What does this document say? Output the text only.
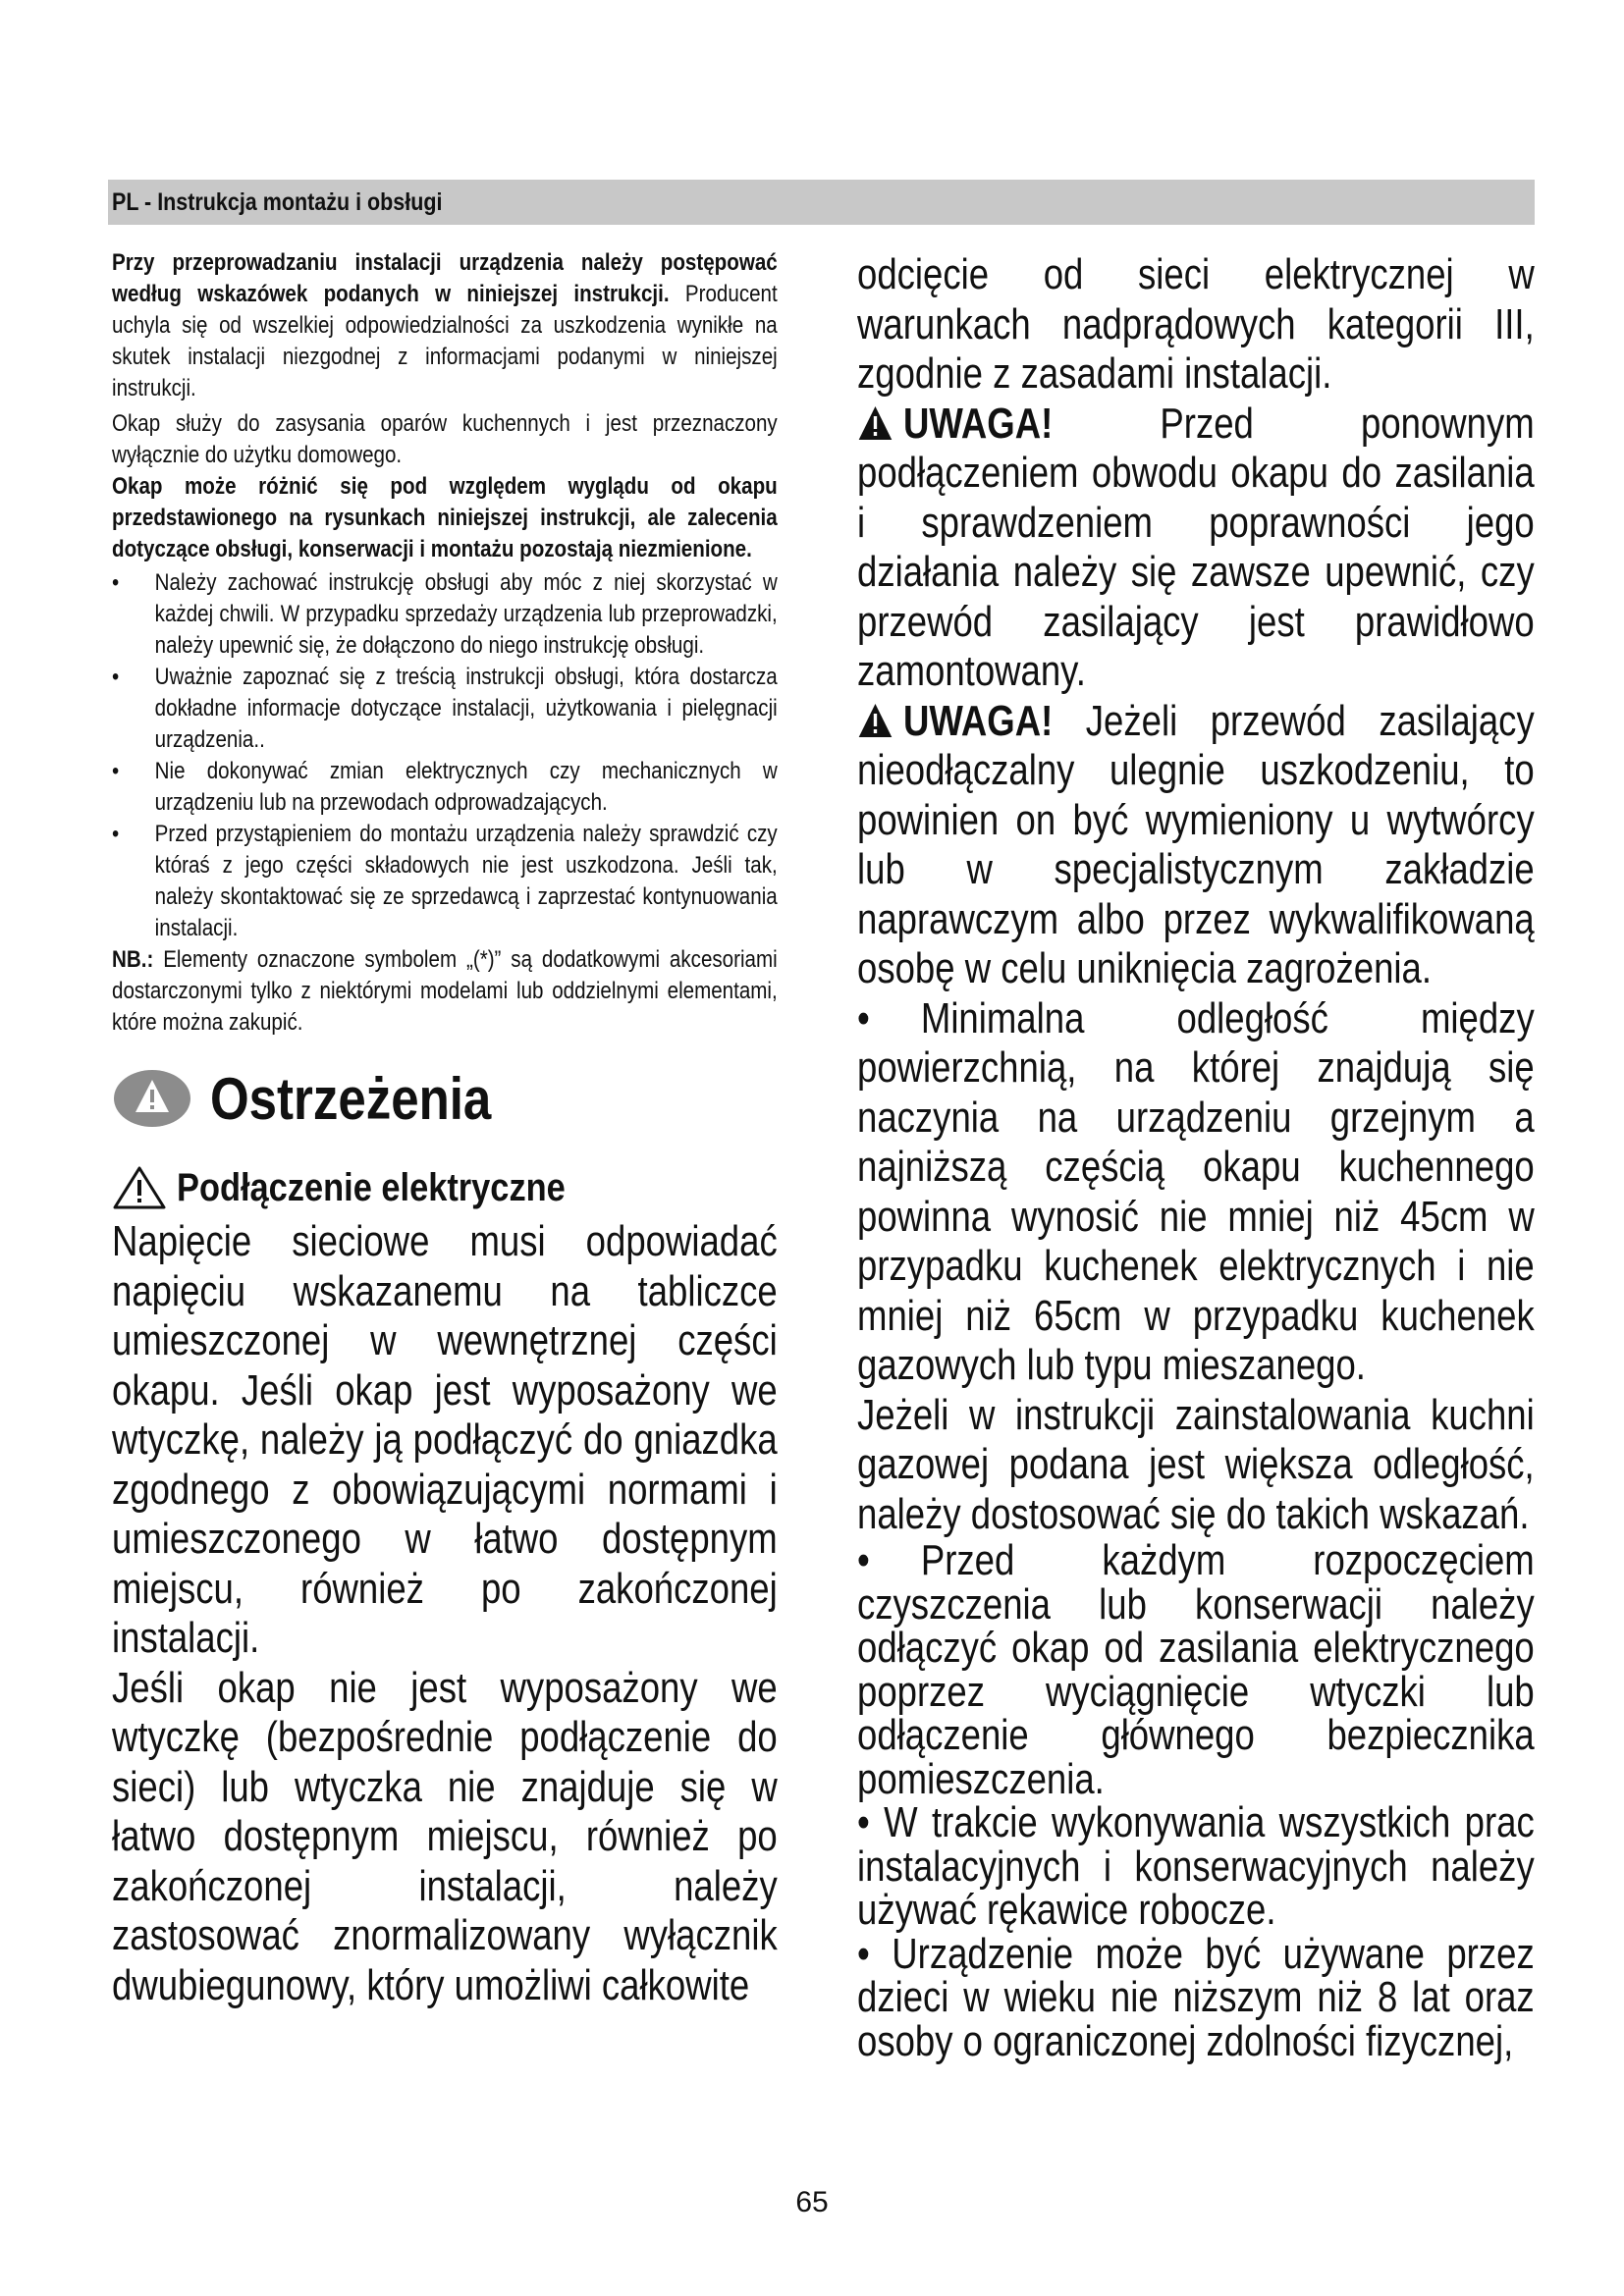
PL - Instrukcja montażu i obsługi

Przy przeprowadzaniu instalacji urządzenia należy postępować według wskazówek podanych w niniejszej instrukcji. Producent uchyla się od wszelkiej odpowiedzialności za uszkodzenia wynikłe na skutek instalacji niezgodnej z informacjami podanymi w niniejszej instrukcji.

Okap służy do zasysania oparów kuchennych i jest przeznaczony wyłącznie do użytku domowego.

Okap może różnić się pod względem wyglądu od okapu przedstawionego na rysunkach niniejszej instrukcji, ale zalecenia dotyczące obsługi, konserwacji i montażu pozostają niezmienione.

• Należy zachować instrukcję obsługi aby móc z niej skorzystać w każdej chwili. W przypadku sprzedaży urządzenia lub przeprowadzki, należy upewnić się, że dołączono do niego instrukcję obsługi.
• Uważnie zapoznać się z treścią instrukcji obsługi, która dostarcza dokładne informacje dotyczące instalacji, użytkowania i pielęgnacji urządzenia..
• Nie dokonywać zmian elektrycznych czy mechanicznych w urządzeniu lub na przewodach odprowadzających.
• Przed przystąpieniem do montażu urządzenia należy sprawdzić czy któraś z jego części składowych nie jest uszkodzona. Jeśli tak, należy skontaktować się ze sprzedawcą i zaprzestać kontynuowania instalacji.

NB.: Elementy oznaczone symbolem „(*)” są dodatkowymi akcesoriami dostarczonymi tylko z niektórymi modelami lub oddzielnymi elementami, które można zakupić.

Ostrzeżenia
Podłączenie elektryczne

Napięcie sieciowe musi odpowiadać napięciu wskazanemu na tabliczce umieszczonej w wewnętrznej części okapu. Jeśli okap jest wyposażony we wtyczkę, należy ją podłączyć do gniazdka zgodnego z obowiązującymi normami i umieszczonego w łatwo dostępnym miejscu, również po zakończonej instalacji.

Jeśli okap nie jest wyposażony we wtyczkę (bezpośrednie podłączenie do sieci) lub wtyczka nie znajduje się w łatwo dostępnym miejscu, również po zakończonej instalacji, należy zastosować znormalizowany wyłącznik dwubiegunowy, który umożliwi całkowite

odcięcie od sieci elektrycznej w warunkach nadprądowych kategorii III, zgodnie z zasadami instalacji.

UWAGA! Przed ponownym podłączeniem obwodu okapu do zasilania i sprawdzeniem poprawności jego działania należy się zawsze upewnić, czy przewód zasilający jest prawidłowo zamontowany.

UWAGA! Jeżeli przewód zasilający nieodłączalny ulegnie uszkodzeniu, to powinien on być wymieniony u wytwórcy lub w specjalistycznym zakładzie naprawczym albo przez wykwalifikowaną osobę w celu uniknięcia zagrożenia.

• Minimalna odległość między powierzchnią, na której znajdują się naczynia na urządzeniu grzejnym a najniższą częścią okapu kuchennego powinna wynosić nie mniej niż 45cm w przypadku kuchenek elektrycznych i nie mniej niż 65cm w przypadku kuchenek gazowych lub typu mieszanego.

Jeżeli w instrukcji zainstalowania kuchni gazowej podana jest większa odległość, należy dostosować się do takich wskazań.

• Przed każdym rozpoczęciem czyszczenia lub konserwacji należy odłączyć okap od zasilania elektrycznego poprzez wyciągnięcie wtyczki lub odłączenie głównego bezpiecznika pomieszczenia.

• W trakcie wykonywania wszystkich prac instalacyjnych i konserwacyjnych należy używać rękawice robocze.

• Urządzenie może być używane przez dzieci w wieku nie niższym niż 8 lat oraz osoby o ograniczonej zdolności fizycznej,

65
